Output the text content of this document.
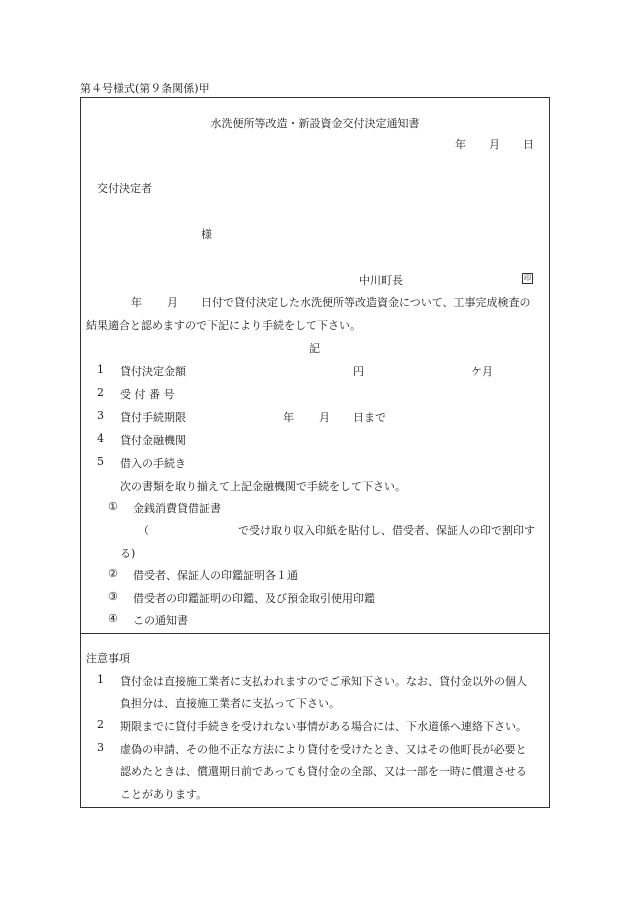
第４号様式(第９条関係)甲
水洗便所等改造・新設資金交付決定通知書
年 月 日
交付決定者
様
中川町長	印
年 月 日付で貸付決定した水洗便所等改造資金について、工事完成検査の
結果適合と認めますので下記により手続をして下さい。
記
1 貸付決定金額	円	ケ月
2 受 付 番 号
3 貸付手続期限	年 月 日まで
4 貸付金融機関
5 借入の手続き
次の書類を取り揃えて上記金融機関で手続をして下さい。
① 金銭消費貸借証書
（	で受け取り収入印紙を貼付し、借受者、保証人の印で割印す
る)
② 借受者、保証人の印鑑証明各１通
③ 借受者の印鑑証明の印鑑、及び預金取引使用印鑑
④ この通知書
注意事項
1 貸付金は直接施工業者に支払われますのでご承知下さい。なお、貸付金以外の個人
負担分は、直接施工業者に支払って下さい。
2 期限までに貸付手続きを受けれない事情がある場合には、下水道係へ連絡下さい。
3 虚偽の申請、その他不正な方法により貸付を受けたとき、又はその他町長が必要と
認めたときは、償還期日前であっても貸付金の全部、又は一部を一時に償還させる
ことがあります。
